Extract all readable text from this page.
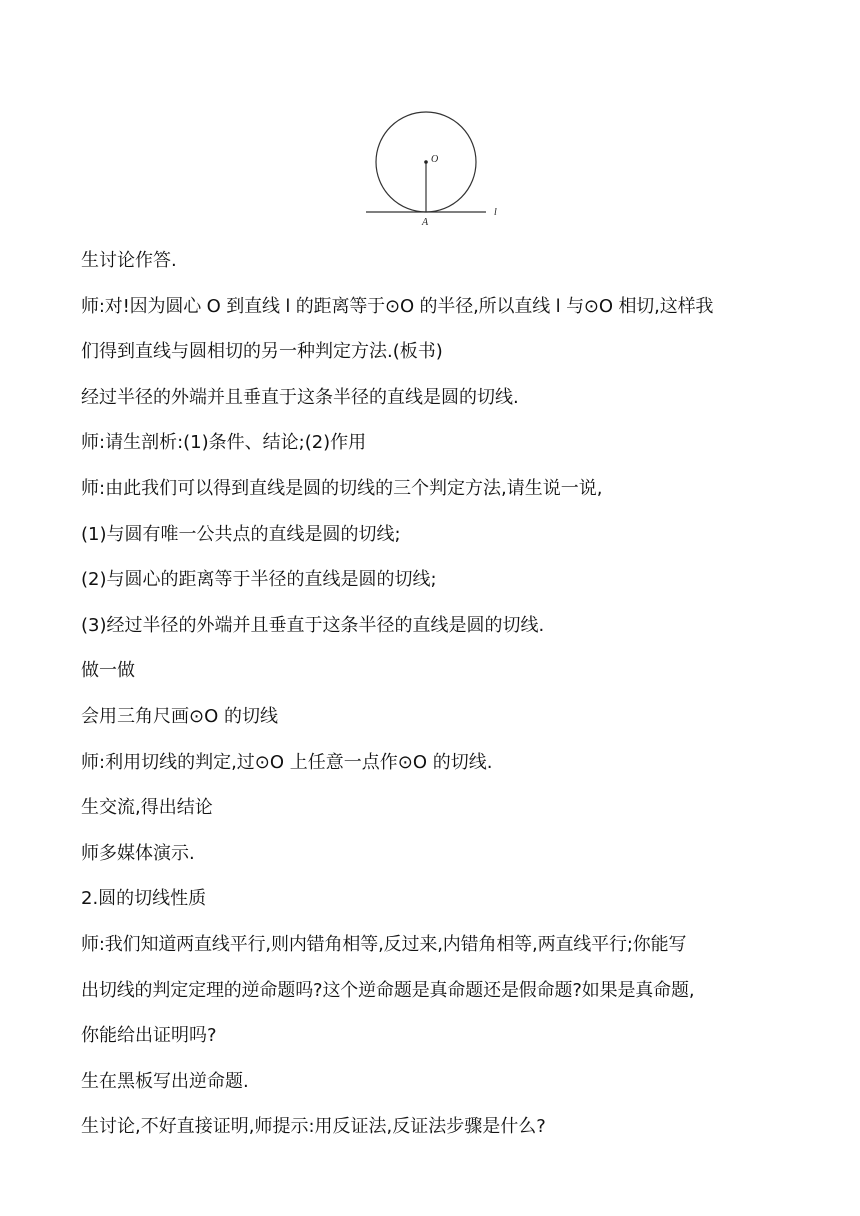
O
A
l
生讨论作答.
师:对!因为圆心 O 到直线 l 的距离等于⊙O 的半径,所以直线 l 与⊙O 相切,这样我
们得到直线与圆相切的另一种判定方法.(板书)
经过半径的外端并且垂直于这条半径的直线是圆的切线.
师:请生剖析:(1)条件、结论;(2)作用
师:由此我们可以得到直线是圆的切线的三个判定方法,请生说一说,
(1)与圆有唯一公共点的直线是圆的切线;
(2)与圆心的距离等于半径的直线是圆的切线;
(3)经过半径的外端并且垂直于这条半径的直线是圆的切线.
做一做
会用三角尺画⊙O 的切线
师:利用切线的判定,过⊙O 上任意一点作⊙O 的切线.
生交流,得出结论
师多媒体演示.
2.圆的切线性质
师:我们知道两直线平行,则内错角相等,反过来,内错角相等,两直线平行;你能写
出切线的判定定理的逆命题吗?这个逆命题是真命题还是假命题?如果是真命题,
你能给出证明吗?
生在黑板写出逆命题.
生讨论,不好直接证明,师提示:用反证法,反证法步骤是什么?
